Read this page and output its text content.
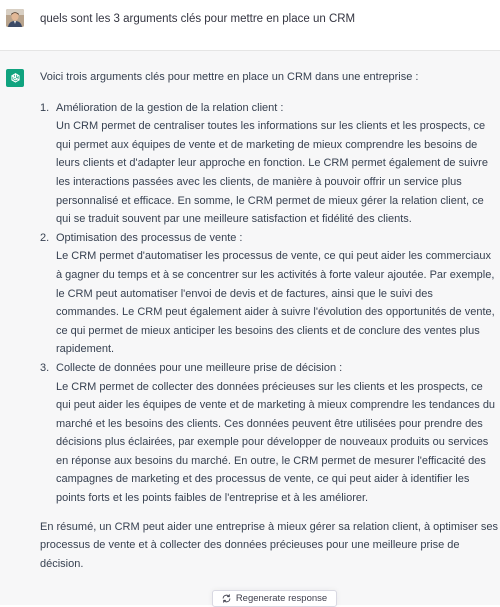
quels sont les 3 arguments clés pour mettre en place un CRM

Voici trois arguments clés pour mettre en place un CRM dans une entreprise :

1. Amélioration de la gestion de la relation client :
Un CRM permet de centraliser toutes les informations sur les clients et les prospects, ce qui permet aux équipes de vente et de marketing de mieux comprendre les besoins de leurs clients et d'adapter leur approche en fonction. Le CRM permet également de suivre les interactions passées avec les clients, de manière à pouvoir offrir un service plus personnalisé et efficace. En somme, le CRM permet de mieux gérer la relation client, ce qui se traduit souvent par une meilleure satisfaction et fidélité des clients.
2. Optimisation des processus de vente :
Le CRM permet d'automatiser les processus de vente, ce qui peut aider les commerciaux à gagner du temps et à se concentrer sur les activités à forte valeur ajoutée. Par exemple, le CRM peut automatiser l'envoi de devis et de factures, ainsi que le suivi des commandes. Le CRM peut également aider à suivre l'évolution des opportunités de vente, ce qui permet de mieux anticiper les besoins des clients et de conclure des ventes plus rapidement.
3. Collecte de données pour une meilleure prise de décision :
Le CRM permet de collecter des données précieuses sur les clients et les prospects, ce qui peut aider les équipes de vente et de marketing à mieux comprendre les tendances du marché et les besoins des clients. Ces données peuvent être utilisées pour prendre des décisions plus éclairées, par exemple pour développer de nouveaux produits ou services en réponse aux besoins du marché. En outre, le CRM permet de mesurer l'efficacité des campagnes de marketing et des processus de vente, ce qui peut aider à identifier les points forts et les points faibles de l'entreprise et à les améliorer.

En résumé, un CRM peut aider une entreprise à mieux gérer sa relation client, à optimiser ses processus de vente et à collecter des données précieuses pour une meilleure prise de décision.

Regenerate response
